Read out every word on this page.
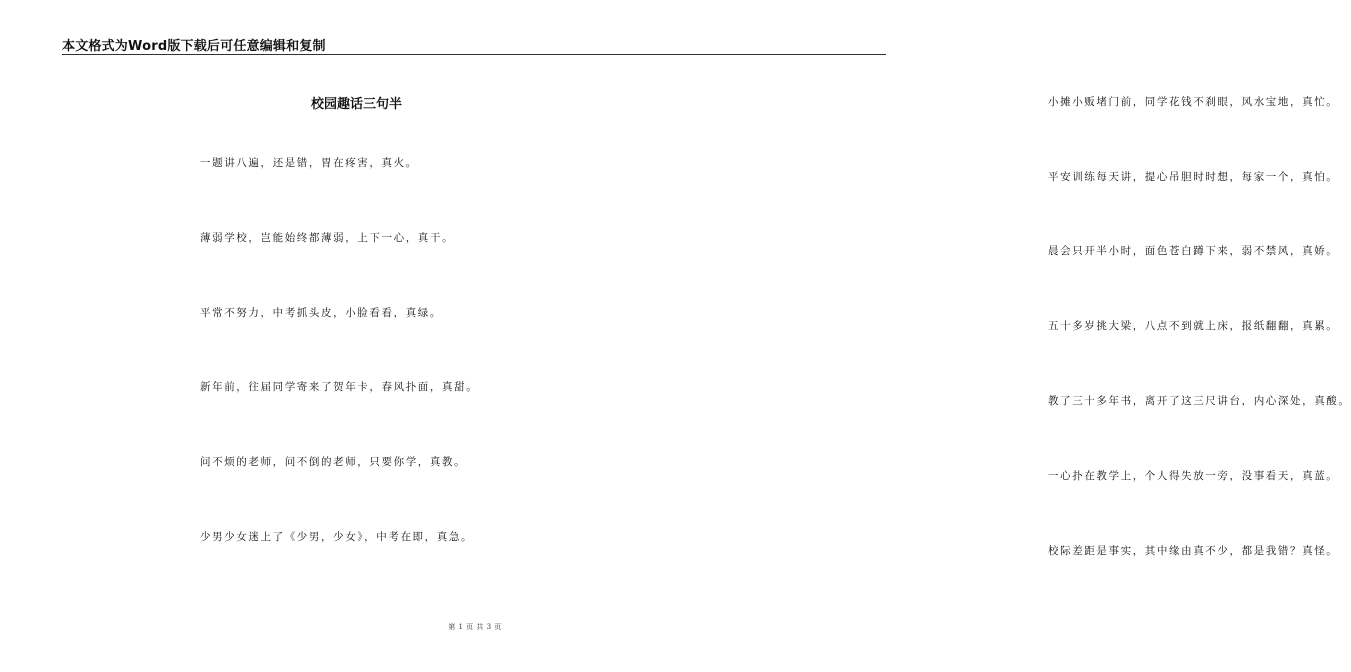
本文格式为Word版下载后可任意编辑和复制
校园趣话三句半
一题讲八遍，还是错，胃在疼害，真火。
薄弱学校，岂能始终都薄弱，上下一心，真干。
平常不努力，中考抓头皮，小脸看看，真绿。
新年前，往届同学寄来了贺年卡，春风扑面，真甜。
问不烦的老师，问不倒的老师，只要你学，真教。
少男少女迷上了《少男，少女》，中考在即，真急。
小摊小贩堵门前，同学花钱不刹眼，风水宝地，真忙。
平安训练每天讲，提心吊胆时时想，每家一个，真怕。
晨会只开半小时，面色苍白蹲下来，弱不禁风，真娇。
五十多岁挑大梁，八点不到就上床，报纸翻翻，真累。
教了三十多年书，离开了这三尺讲台，内心深处，真酸。
一心扑在教学上，个人得失放一旁，没事看天，真蓝。
校际差距是事实，其中缘由真不少，都是我错？真怪。
第 1 页 共 3 页
